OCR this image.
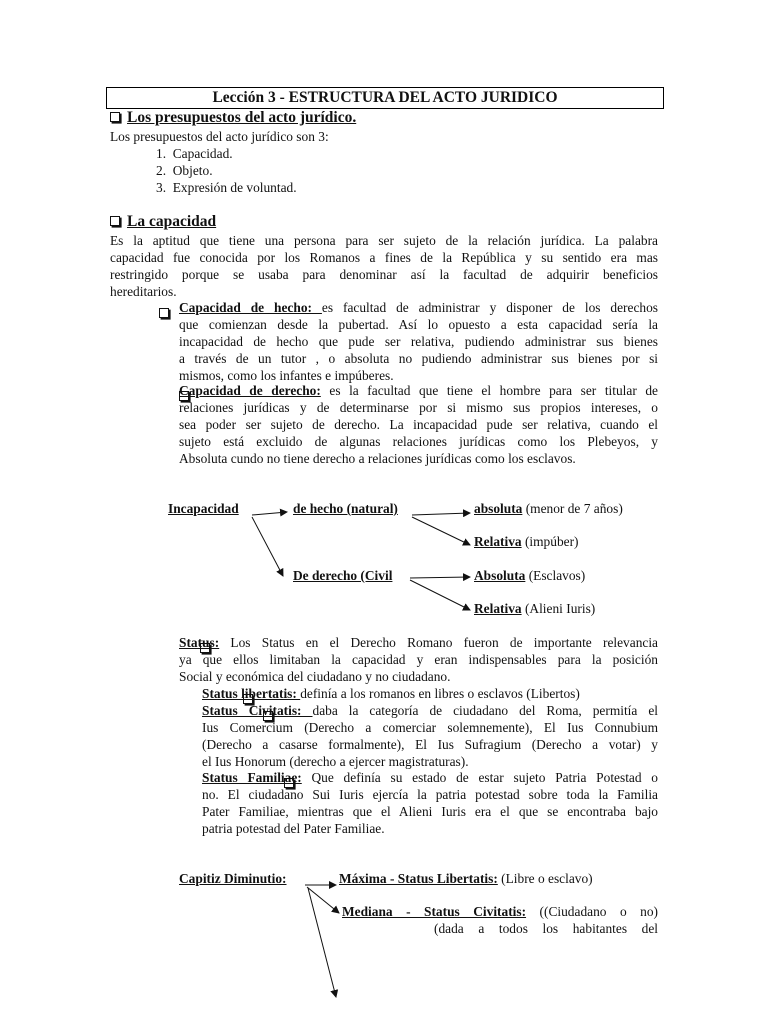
Lección 3 - ESTRUCTURA DEL ACTO JURIDICO
Los presupuestos del acto jurídico.
Los presupuestos del acto jurídico son 3:
1.  Capacidad.
2.  Objeto.
3.  Expresión de voluntad.
La capacidad
Es la aptitud que tiene una persona para ser sujeto de la relación jurídica. La palabra
capacidad fue conocida por los Romanos a fines de la República y su sentido era mas
restringido porque se usaba para denominar así la facultad de adquirir beneficios
hereditarios.

Capacidad de hecho: es facultad de administrar y disponer de los derechos
que comienzan desde la pubertad. Así lo opuesto a esta capacidad sería la
incapacidad de hecho que pude ser relativa, pudiendo administrar sus bienes
a través de un tutor , o absoluta no pudiendo administrar sus bienes por si
mismos, como los infantes e impúberes.

Capacidad de derecho: es la facultad que tiene el hombre para ser titular de
relaciones jurídicas y de determinarse por si mismo sus propios intereses, o
sea poder ser sujeto de derecho. La incapacidad pude ser relativa, cuando el
sujeto está excluido de algunas relaciones jurídicas como los Plebeyos, y
Absoluta cundo no tiene derecho a relaciones jurídicas como los esclavos.
Incapacidad	de hecho (natural)	absoluta (menor de 7 años)
Relativa (impúber)
De derecho (Civil	Absoluta (Esclavos)
Relativa (Alieni Iuris)

Status: Los Status en el Derecho Romano fueron de importante relevancia
ya que ellos limitaban la capacidad y eran indispensables para la posición
Social y económica del ciudadano y no ciudadano.

Status libertatis: definía a los romanos en libres o esclavos (Libertos)

Status Civitatis: daba la categoría de ciudadano del Roma, permitía el
Ius Comercium (Derecho a comerciar solemnemente), El Ius Connubium
(Derecho a casarse formalmente), El Ius Sufragium (Derecho a votar) y
el Ius Honorum (derecho a ejercer magistraturas).
Status Familiae: Que definía su estado de estar sujeto Patria Potestad o
no. El ciudadano Sui Iuris ejercía la patria potestad sobre toda la Familia
Pater Familiae, mientras que el Alieni Iuris era el que se encontraba bajo
patria potestad del Pater Familiae.
Capitiz Diminutio:	Máxima - Status Libertatis: (Libre o esclavo)
Mediana - Status Civitatis: ((Ciudadano o no)
(dada a todos los habitantes del
